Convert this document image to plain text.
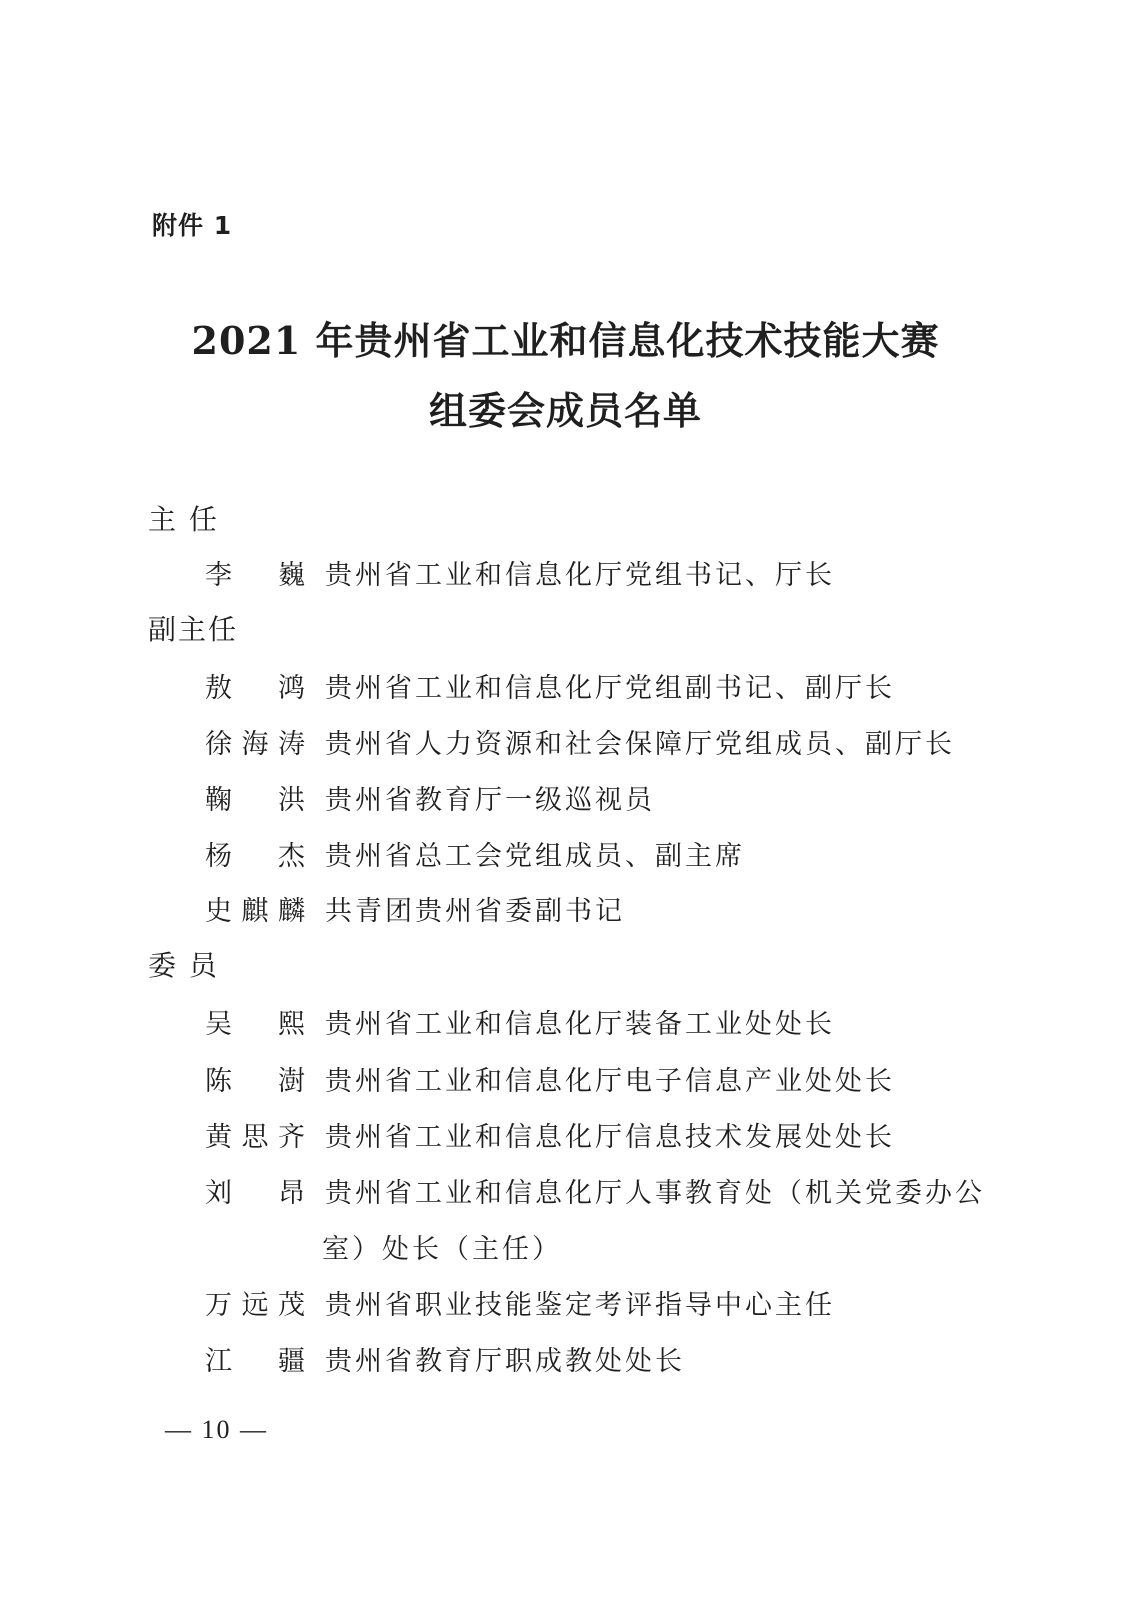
附件 1
2021 年贵州省工业和信息化技术技能大赛
组委会成员名单
主 任
李 巍 贵州省工业和信息化厅党组书记、厅长
副主任
敖 鸿 贵州省工业和信息化厅党组副书记、副厅长
徐海涛 贵州省人力资源和社会保障厅党组成员、副厅长
鞠 洪 贵州省教育厅一级巡视员
杨 杰 贵州省总工会党组成员、副主席
史麒麟 共青团贵州省委副书记
委 员
吴 熙 贵州省工业和信息化厅装备工业处处长
陈 澍 贵州省工业和信息化厅电子信息产业处处长
黄思齐 贵州省工业和信息化厅信息技术发展处处长
刘 昂 贵州省工业和信息化厅人事教育处（机关党委办公
室）处长（主任）
万远茂 贵州省职业技能鉴定考评指导中心主任
江 疆 贵州省教育厅职成教处处长
— 10 —
